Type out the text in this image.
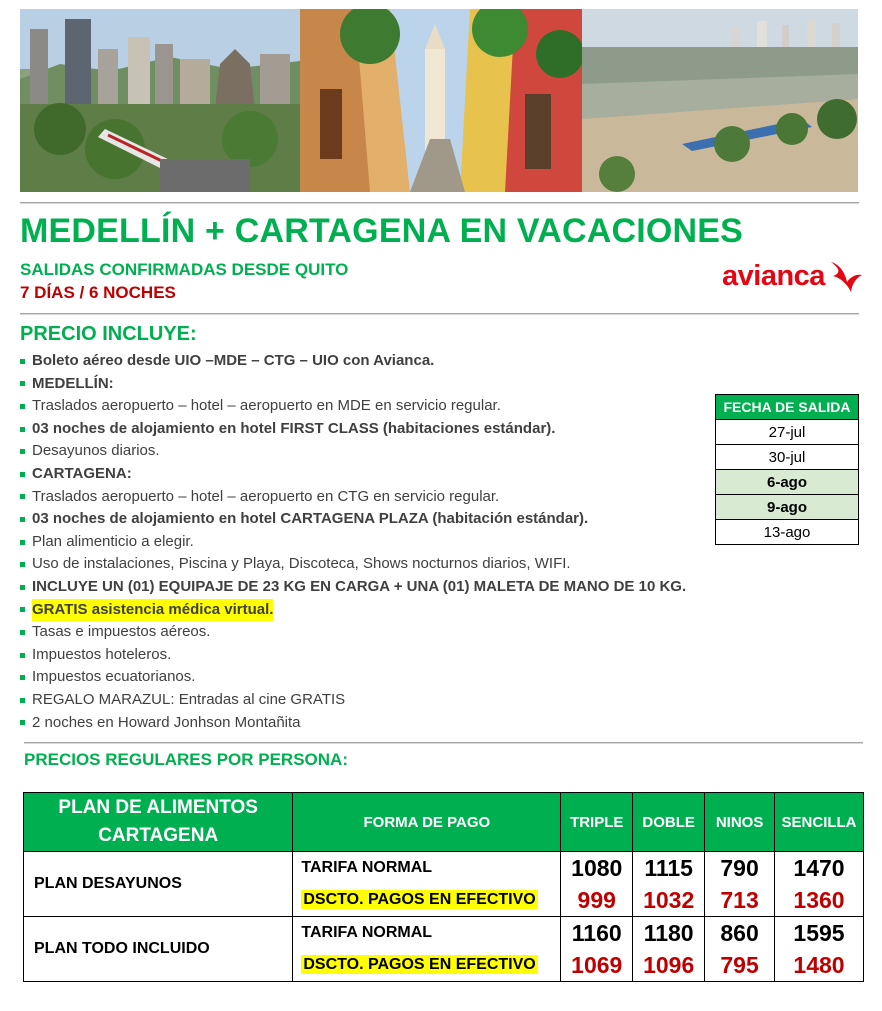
MEDELLÍN + CARTAGENA EN VACACIONES
SALIDAS CONFIRMADAS DESDE QUITO
7 DÍAS / 6 NOCHES
avianca
PRECIO INCLUYE:
Boleto aéreo desde UIO –MDE – CTG – UIO con Avianca.
MEDELLÍN:
Traslados aeropuerto – hotel – aeropuerto en MDE en servicio regular.
03 noches de alojamiento en hotel FIRST CLASS (habitaciones estándar).
Desayunos diarios.
CARTAGENA:
Traslados aeropuerto – hotel – aeropuerto en CTG en servicio regular.
03 noches de alojamiento en hotel CARTAGENA PLAZA (habitación estándar).
Plan alimenticio a elegir.
Uso de instalaciones, Piscina y Playa, Discoteca, Shows nocturnos diarios, WIFI.
INCLUYE UN (01) EQUIPAJE DE 23 KG EN CARGA + UNA (01) MALETA DE MANO DE 10 KG.
GRATIS asistencia médica virtual.
Tasas e impuestos aéreos.
Impuestos hoteleros.
Impuestos ecuatorianos.
REGALO MARAZUL: Entradas al cine GRATIS
2 noches en Howard Jonhson Montañita
FECHA DE SALIDA
27-jul
30-jul
6-ago
9-ago
13-ago
PRECIOS REGULARES POR PERSONA:
PLAN DE ALIMENTOS CARTAGENA	FORMA DE PAGO	TRIPLE	DOBLE	NINOS	SENCILLA
PLAN DESAYUNOS	TARIFA NORMAL	1080	1115	790	1470
	DSCTO. PAGOS EN EFECTIVO	999	1032	713	1360
PLAN TODO INCLUIDO	TARIFA NORMAL	1160	1180	860	1595
	DSCTO. PAGOS EN EFECTIVO	1069	1096	795	1480
